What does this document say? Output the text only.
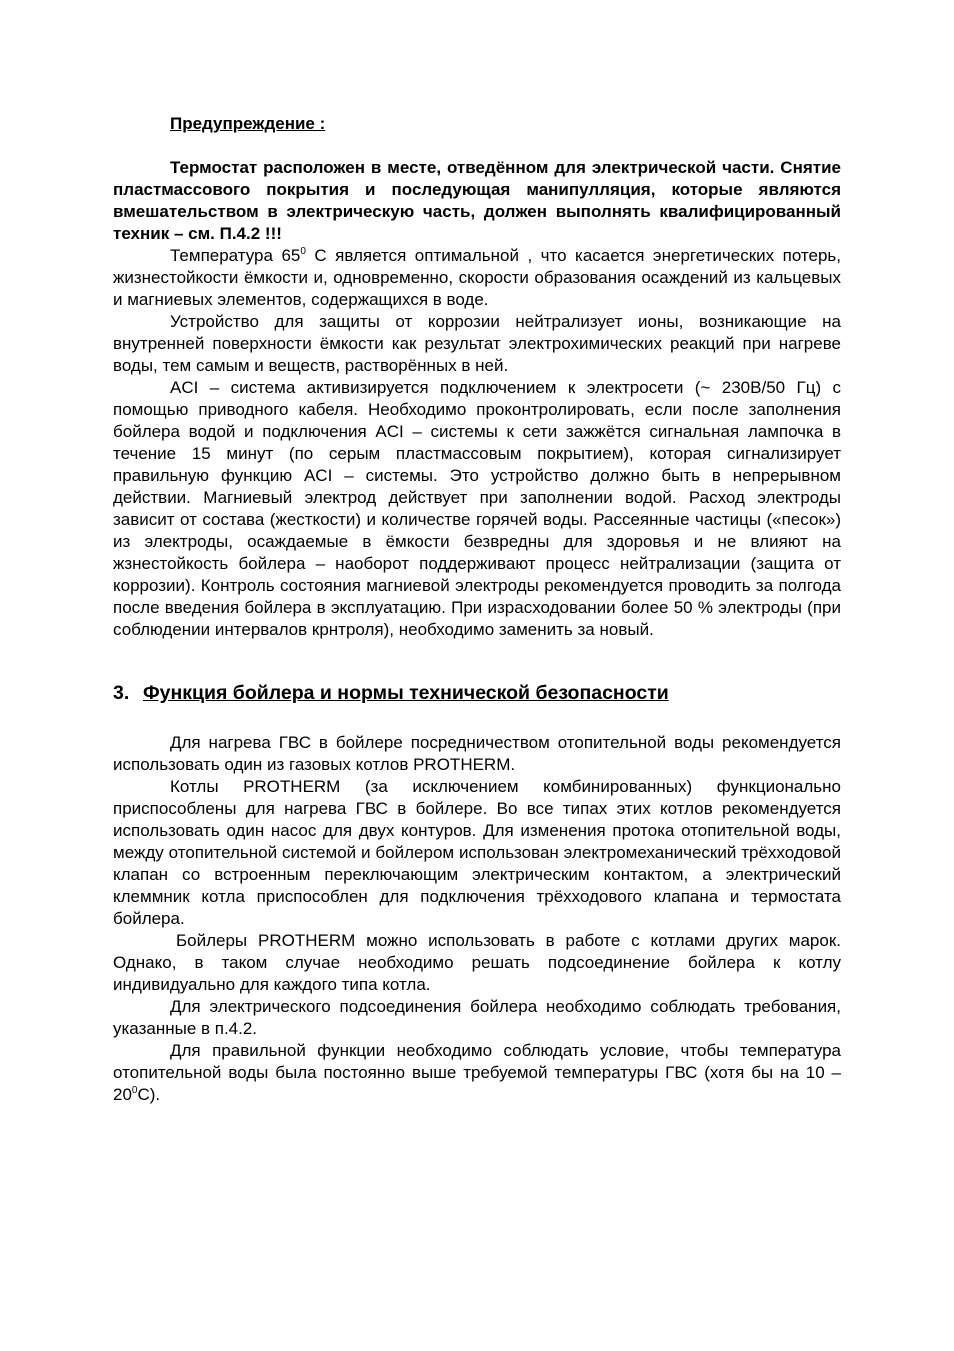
Предупреждение :

Термостат расположен в месте, отведённом для электрической части. Снятие пластмассового покрытия и последующая манипулляция, которые являются вмешательством в электрическую часть, должен выполнять квалифицированный техник – см. П.4.2 !!!

Температура $65^0$ С является оптимальной , что касается энергетических потерь, жизнестойкости ёмкости и, одновременно, скорости образования осаждений из кальцевых и магниевых элементов, содержащихся в воде.

Устройство для защиты от коррозии нейтрализует ионы, возникающие на внутренней поверхности ёмкости как результат электрохимических реакций при нагреве воды, тем самым и веществ, растворённых в ней.

ACI – система активизируется подключением к электросети (~ 230В/50 Гц) с помощью приводного кабеля. Необходимо проконтролировать, если после заполнения бойлера водой и подключения ACI – системы к сети зажжётся сигнальная лампочка в течение 15 минут (по серым пластмассовым покрытием), которая сигнализирует правильную функцию ACI – системы. Это устройство должно быть в непрерывном действии. Магниевый электрод действует при заполнении водой. Расход электроды зависит от состава (жесткости) и количестве горячей воды. Рассеянные частицы («песок») из электроды, осаждаемые в ёмкости безвредны для здоровья и не влияют на жзнестойкость бойлера – наоборот поддерживают процесс нейтрализации (защита от коррозии). Контроль состояния магниевой электроды рекомендуется проводить за полгода после введения бойлера в эксплуатацию. При израсходовании более 50 % электроды (при соблюдении интервалов крнтроля), необходимо заменить за новый.

3. Функция бойлера и нормы технической безопасности

Для нагрева ГВС в бойлере посредничеством отопительной воды рекомендуется использовать один из газовых котлов PROTHERM.

Котлы PROTHERM (за исключением комбинированных) функционально приспособлены для нагрева ГВС в бойлере. Во все типах этих котлов рекомендуется использовать один насос для двух контуров. Для изменения протока отопительной воды, между отопительной системой и бойлером использован электромеханический трёхходовой клапан со встроенным переключающим электрическим контактом, а электрический клеммник котла приспособлен для подключения трёхходового клапана и термостата бойлера.

Бойлеры PROTHERM можно использовать в работе с котлами других марок. Однако, в таком случае необходимо решать подсоединение бойлера к котлу индивидуально для каждого типа котла.

Для электрического подсоединения бойлера необходимо соблюдать требования, указанные в п.4.2.

Для правильной функции необходимо соблюдать условие, чтобы температура отопительной воды была постоянно выше требуемой температуры ГВС (хотя бы на $10 - 20^0С$).
